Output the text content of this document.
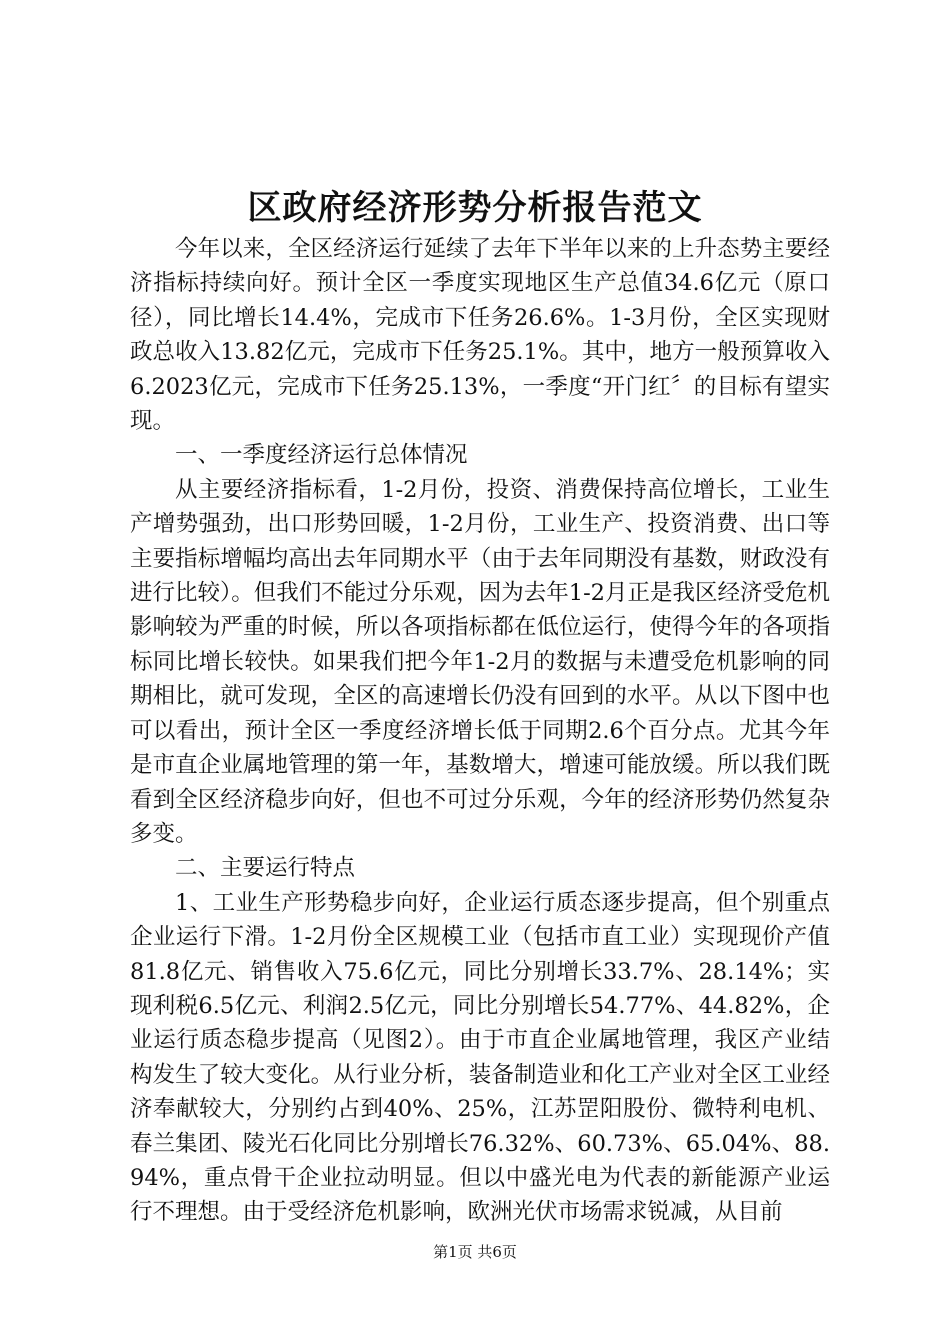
区政府经济形势分析报告范文

今年以来，全区经济运行延续了去年下半年以来的上升态势主要经济指标持续向好。预计全区一季度实现地区生产总值34.6亿元（原口径），同比增长14.4%，完成市下任务26.6%。1-3月份，全区实现财政总收入13.82亿元，完成市下任务25.1%。其中，地方一般预算收入6.2023亿元，完成市下任务25.13%，一季度“开门红〞的目标有望实现。

一、一季度经济运行总体情况

从主要经济指标看，1-2月份，投资、消费保持高位增长，工业生产增势强劲，出口形势回暖，1-2月份，工业生产、投资消费、出口等主要指标增幅均高出去年同期水平（由于去年同期没有基数，财政没有进行比较）。但我们不能过分乐观，因为去年1-2月正是我区经济受危机影响较为严重的时候，所以各项指标都在低位运行，使得今年的各项指标同比增长较快。如果我们把今年1-2月的数据与未遭受危机影响的同期相比，就可发现，全区的高速增长仍没有回到的水平。从以下图中也可以看出，预计全区一季度经济增长低于同期2.6个百分点。尤其今年是市直企业属地管理的第一年，基数增大，增速可能放缓。所以我们既看到全区经济稳步向好，但也不可过分乐观，今年的经济形势仍然复杂多变。

二、主要运行特点

1、工业生产形势稳步向好，企业运行质态逐步提高，但个别重点企业运行下滑。1-2月份全区规模工业（包括市直工业）实现现价产值81.8亿元、销售收入75.6亿元，同比分别增长33.7%、28.14%；实现利税6.5亿元、利润2.5亿元，同比分别增长54.77%、44.82%，企业运行质态稳步提高（见图2）。由于市直企业属地管理，我区产业结构发生了较大变化。从行业分析，装备制造业和化工产业对全区工业经济奉献较大，分别约占到40%、25%，江苏罡阳股份、微特利电机、春兰集团、陵光石化同比分别增长76.32%、60.73%、65.04%、88.94%，重点骨干企业拉动明显。但以中盛光电为代表的新能源产业运行不理想。由于受经济危机影响，欧洲光伏市场需求锐减，从目前

第1页 共6页
